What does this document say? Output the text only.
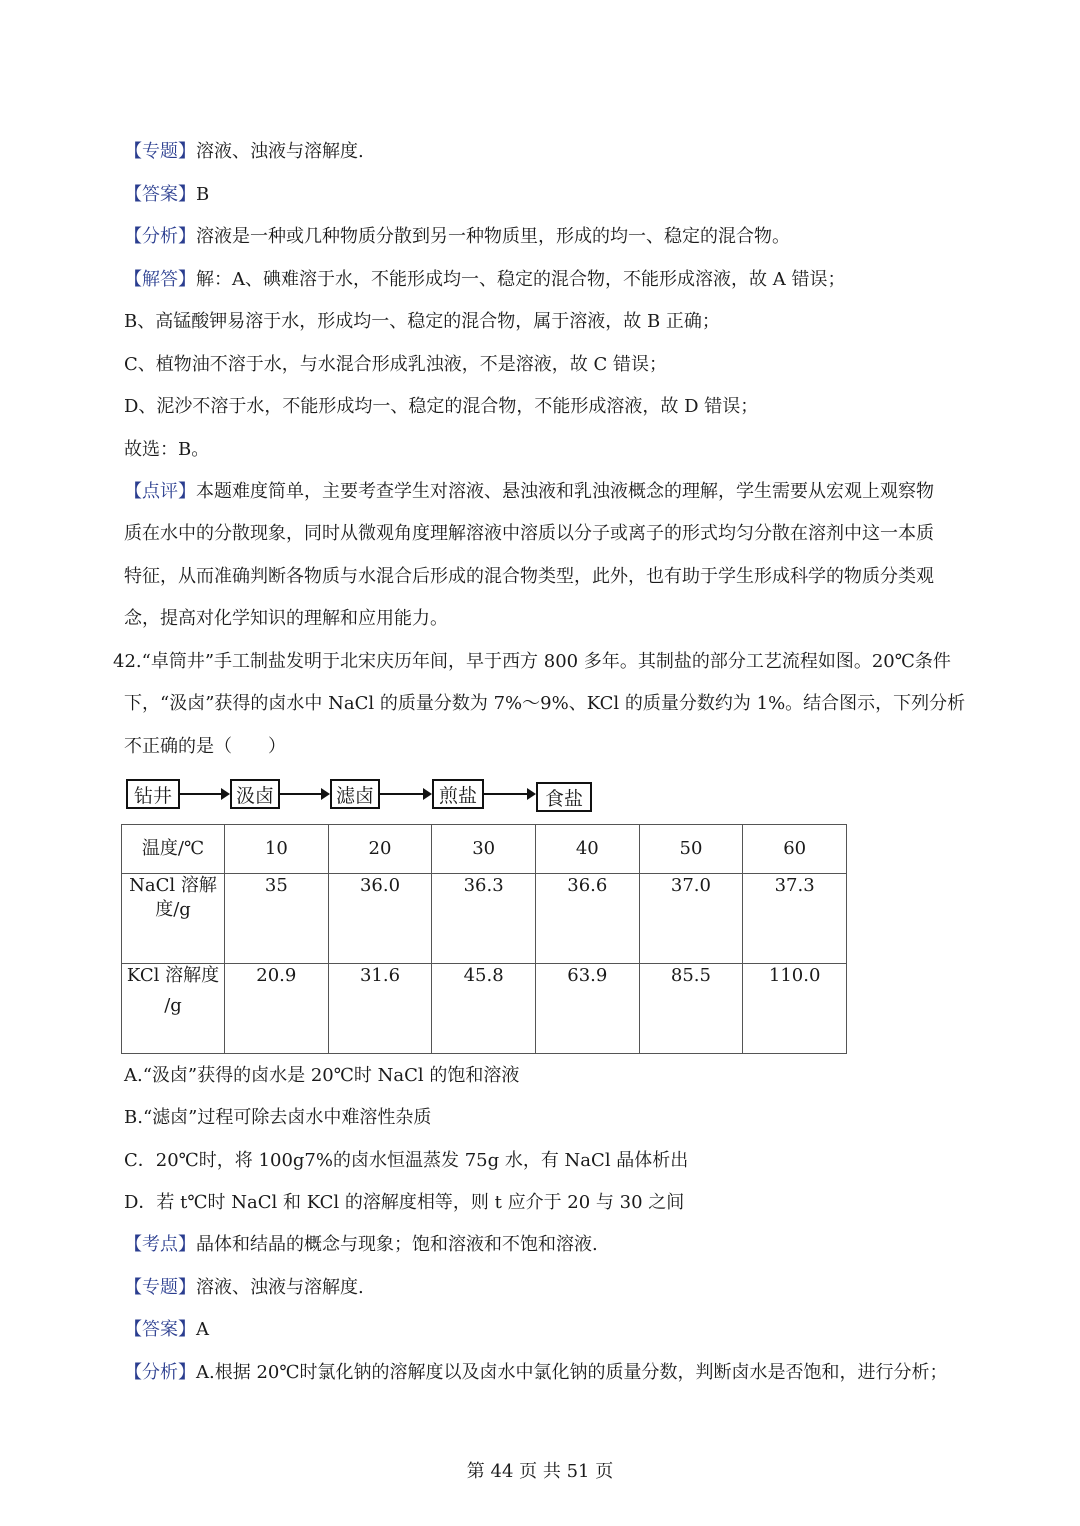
【专题】溶液、浊液与溶解度.
【答案】B
【分析】溶液是一种或几种物质分散到另一种物质里，形成的均一、稳定的混合物。
【解答】解：A、碘难溶于水，不能形成均一、稳定的混合物，不能形成溶液，故 A 错误；
B、高锰酸钾易溶于水，形成均一、稳定的混合物，属于溶液，故 B 正确；
C、植物油不溶于水，与水混合形成乳浊液，不是溶液，故 C 错误；
D、泥沙不溶于水，不能形成均一、稳定的混合物，不能形成溶液，故 D 错误；
故选：B。
【点评】本题难度简单，主要考查学生对溶液、悬浊液和乳浊液概念的理解，学生需要从宏观上观察物
质在水中的分散现象，同时从微观角度理解溶液中溶质以分子或离子的形式均匀分散在溶剂中这一本质
特征，从而准确判断各物质与水混合后形成的混合物类型，此外，也有助于学生形成科学的物质分类观
念，提高对化学知识的理解和应用能力。
42.“卓筒井”手工制盐发明于北宋庆历年间，早于西方 800 多年。其制盐的部分工艺流程如图。20℃条件
下，“汲卤”获得的卤水中 NaCl 的质量分数为 7%～9%、KCl 的质量分数约为 1%。结合图示，下列分析
不正确的是（　　）
钻井	汲卤	滤卤	煎盐	食盐
温度/℃	10	20	30	40	50	60

NaCl 溶解
度/g	35	36.0	36.3	36.6	37.0	37.3

KCl 溶解度
/g	20.9	31.6	45.8	63.9	85.5	110.0
A.“汲卤”获得的卤水是 20℃时 NaCl 的饱和溶液
B.“滤卤”过程可除去卤水中难溶性杂质
C．20℃时，将 100g7%的卤水恒温蒸发 75g 水，有 NaCl 晶体析出
D．若 t℃时 NaCl 和 KCl 的溶解度相等，则 t 应介于 20 与 30 之间
【考点】晶体和结晶的概念与现象；饱和溶液和不饱和溶液.
【专题】溶液、浊液与溶解度.
【答案】A
【分析】A.根据 20℃时氯化钠的溶解度以及卤水中氯化钠的质量分数，判断卤水是否饱和，进行分析；
第 44 页 共 51 页
